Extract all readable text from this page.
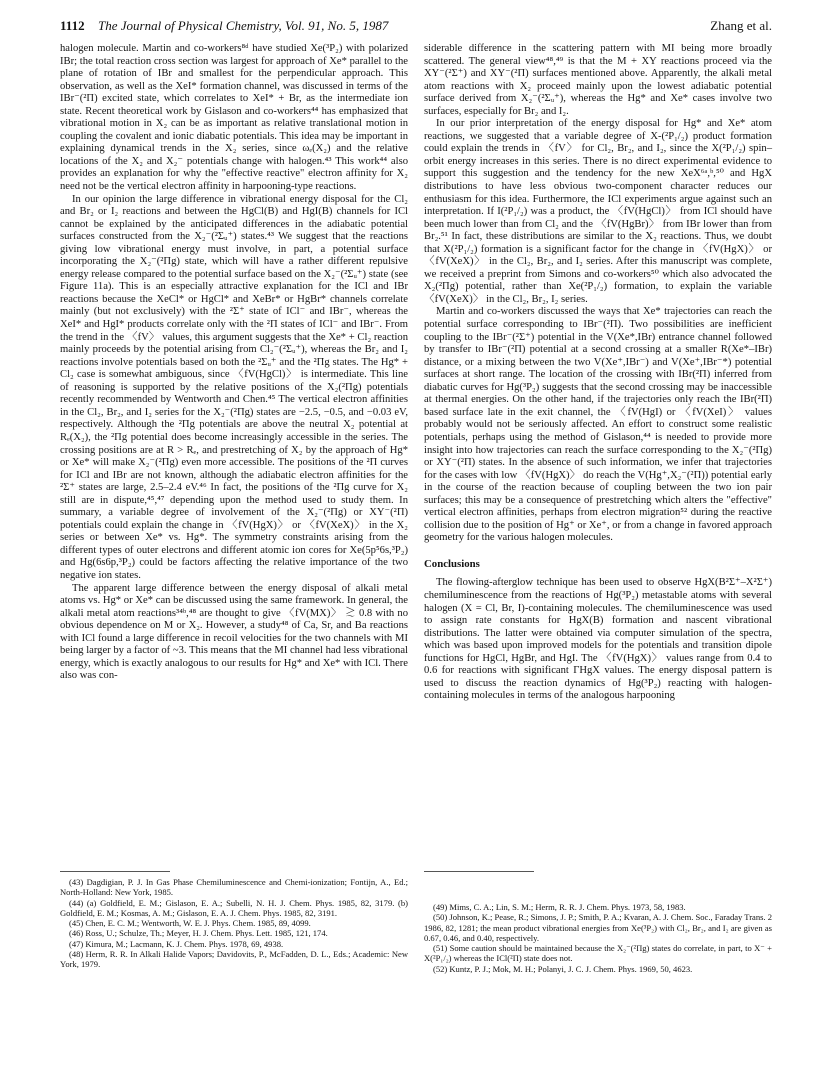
1112 The Journal of Physical Chemistry, Vol. 91, No. 5, 1987	Zhang et al.

halogen molecule. Martin and co-workers⁸ᵈ have studied Xe(³P₂) with polarized IBr; the total reaction cross section was largest for approach of Xe* parallel to the plane of rotation of IBr and smallest for the perpendicular approach. This observation, as well as the XeI* formation channel, was discussed in terms of the IBr⁻(²Π) excited state, which correlates to XeI* + Br, as the intermediate ion state. Recent theoretical work by Gislason and co-workers⁴⁴ has emphasized that vibrational motion in X₂ can be as important as relative translational motion in coupling the covalent and ionic diabatic potentials. This idea may be important in explaining dynamical trends in the X₂ series, since ωₑ(X₂) and the relative locations of the X₂ and X₂⁻ potentials change with halogen.⁴³ This work⁴⁴ also provides an explanation for why the "effective reactive" electron affinity for X₂ need not be the vertical electron affinity in harpooning-type reactions.

In our opinion the large difference in vibrational energy disposal for the Cl₂ and Br₂ or I₂ reactions and between the HgCl(B) and HgI(B) channels for ICl cannot be explained by the anticipated differences in the adiabatic potential surfaces constructed from the X₂⁻(²Σᵤ⁺) states.⁴³ We suggest that the reactions giving low vibrational energy must involve, in part, a potential surface incorporating the X₂⁻(²Πg) state, which will have a rather different repulsive energy release compared to the potential surface based on the X₂⁻(²Σᵤ⁺) state (see Figure 11a). This is an especially attractive explanation for the ICl and IBr reactions because the XeCl* or HgCl* and XeBr* or HgBr* channels correlate mainly (but not exclusively) with the ²Σ⁺ state of ICl⁻ and IBr⁻, whereas the XeI* and HgI* products correlate only with the ²Π states of ICl⁻ and IBr⁻. From the trend in the 〈fV〉 values, this argument suggests that the Xe* + Cl₂ reaction mainly proceeds by the potential arising from Cl₂⁻(²Σᵤ⁺), whereas the Br₂ and I₂ reactions involve potentials based on both the ²Σᵤ⁺ and the ²Πg states. The Hg* + Cl₂ case is somewhat ambiguous, since 〈fV(HgCl)〉 is intermediate. This line of reasoning is supported by the relative positions of the X₂(²Πg) potentials recently recommended by Wentworth and Chen.⁴⁵ The vertical electron affinities in the Cl₂, Br₂, and I₂ series for the X₂⁻(²Πg) states are −2.5, −0.5, and −0.03 eV, respectively. Although the ²Πg potentials are above the neutral X₂ potential at Rₑ(X₂), the ²Πg potential does become increasingly accessible in the series. The crossing positions are at R > Rₑ, and prestretching of X₂ by the approach of Hg* or Xe* will make X₂⁻(²Πg) even more accessible. The positions of the ²Π curves for ICl and IBr are not known, although the adiabatic electron affinities for the ²Σ⁺ states are large, 2.5–2.4 eV.⁴⁶ In fact, the positions of the ²Πg curve for X₂ still are in dispute,⁴⁵,⁴⁷ depending upon the method used to study them. In summary, a variable degree of involvement of the X₂⁻(²Πg) or XY⁻(²Π) potentials could explain the change in 〈fV(HgX)〉 or 〈fV(XeX)〉 in the X₂ series or between Xe* vs. Hg*. The symmetry constraints arising from the different types of outer electrons and different atomic ion cores for Xe(5p⁵6s,³P₂) and Hg(6s6p,³P₂) could be factors affecting the relative importance of the two negative ion states.

The apparent large difference between the energy disposal of alkali metal atoms vs. Hg* or Xe* can be discussed using the same framework. In general, the alkali metal atom reactions³⁴ᵇ,⁴⁸ are thought to give 〈fV(MX)〉 ≳ 0.8 with no obvious dependence on M or X₂. However, a study⁴⁸ of Ca, Sr, and Ba reactions with ICl found a large difference in recoil velocities for the two channels with MI being larger by a factor of ~3. This means that the MI channel had less vibrational energy, which is exactly analogous to our results for Hg* and Xe* with ICl. There also was con-

siderable difference in the scattering pattern with MI being more broadly scattered. The general view⁴⁸,⁴⁹ is that the M + XY reactions proceed via the XY⁻(²Σ⁺) and XY⁻(²Π) surfaces mentioned above. Apparently, the alkali metal atom reactions with X₂ proceed mainly upon the lowest adiabatic potential surface derived from X₂⁻(²Σᵤ⁺), whereas the Hg* and Xe* cases involve two surfaces, especially for Br₂ and I₂.

In our prior interpretation of the energy disposal for Hg* and Xe* atom reactions, we suggested that a variable degree of X-(²P₁/₂) product formation could explain the trends in 〈fV〉 for Cl₂, Br₂, and I₂, since the X(²P₁/₂) spin–orbit energy increases in this series. There is no direct experimental evidence to support this suggestion and the tendency for the new XeX⁶ᵃ,ᵇ,⁵⁰ and HgX distributions to have less obvious two-component character reduces our enthusiasm for this idea. Furthermore, the ICl experiments argue against such an interpretation. If I(²P₁/₂) was a product, the 〈fV(HgCl)〉 from ICl should have been much lower than from Cl₂ and the 〈fV(HgBr)〉 from IBr lower than from Br₂.⁵¹ In fact, these distributions are similar to the X₂ reactions. Thus, we doubt that X(²P₁/₂) formation is a significant factor for the change in 〈fV(HgX)〉 or 〈fV(XeX)〉 in the Cl₂, Br₂, and I₂ series. After this manuscript was complete, we received a preprint from Simons and co-workers⁵⁰ which also advocated the X₂(²Πg) potential, rather than Xe(²P₁/₂) formation, to explain the variable 〈fV(XeX)〉 in the Cl₂, Br₂, I₂ series.

Martin and co-workers discussed the ways that Xe* trajectories can reach the potential surface corresponding to IBr⁻(²Π). Two possibilities are inefficient coupling to the IBr⁻(²Σ⁺) potential in the V(Xe*,IBr) entrance channel followed by transfer to IBr⁻(²Π) potential at a second crossing at a smaller R(Xe*–IBr) distance, or a mixing between the two V(Xe⁺,IBr⁻) and V(Xe⁺,IBr⁻*) potential surfaces at short range. The location of the crossing with IBr(²Π) inferred from diabatic curves for Hg(³P₂) suggests that the second crossing may be inaccessible at thermal energies. On the other hand, if the trajectories only reach the IBr(²Π) based surface late in the exit channel, the 〈fV(HgI) or 〈fV(XeI)〉 values probably would not be seriously affected. An effort to construct some realistic potentials, perhaps using the method of Gislason,⁴⁴ is needed to provide more insight into how trajectories can reach the surface corresponding to the X₂⁻(²Πg) or XY⁻(²Π) states. In the absence of such information, we infer that trajectories for the cases with low 〈fV(HgX)〉 do reach the V(Hg⁺,X₂⁻(²Π)) potential early in the course of the reaction because of coupling between the two ion pair surfaces; this may be a consequence of prestretching which alters the "effective" vertical electron affinities, perhaps from electron migration⁵² during the reactive collision due to the position of Hg⁺ or Xe⁺, or from a change in favored approach geometry for the various halogen molecules.

Conclusions

The flowing-afterglow technique has been used to observe HgX(B²Σ⁺–X²Σ⁺) chemiluminescence from the reactions of Hg(³P₂) metastable atoms with several halogen (X = Cl, Br, I)-containing molecules. The chemiluminescence was used to assign rate constants for HgX(B) formation and nascent vibrational distributions. The latter were obtained via computer simulation of the spectra, which was based upon improved models for the potentials and transition dipole functions for HgCl, HgBr, and HgI. The 〈fV(HgX)〉 values range from 0.4 to 0.6 for reactions with significant ΓHgX values. The energy disposal pattern is used to discuss the reaction dynamics of Hg(³P₂) reacting with halogen-containing molecules in terms of the analogous harpooning

(43) Dagdigian, P. J. In Gas Phase Chemiluminescence and Chemi-ionization; Fontijn, A., Ed.; North-Holland: New York, 1985.

(44) (a) Goldfield, E. M.; Gislason, E. A.; Subelli, N. H. J. Chem. Phys. 1985, 82, 3179. (b) Goldfield, E. M.; Kosmas, A. M.; Gislason, E. A. J. Chem. Phys. 1985, 82, 3191.

(45) Chen, E. C. M.; Wentworth, W. E. J. Phys. Chem. 1985, 89, 4099.

(46) Ross, U.; Schulze, Th.; Meyer, H. J. Chem. Phys. Lett. 1985, 121, 174.

(47) Kimura, M.; Lacmann, K. J. Chem. Phys. 1978, 69, 4938.

(48) Herm, R. R. In Alkali Halide Vapors; Davidovits, P., McFadden, D. L., Eds.; Academic: New York, 1979.

(49) Mims, C. A.; Lin, S. M.; Herm, R. R. J. Chem. Phys. 1973, 58, 1983.

(50) Johnson, K.; Pease, R.; Simons, J. P.; Smith, P. A.; Kvaran, A. J. Chem. Soc., Faraday Trans. 2 1986, 82, 1281; the mean product vibrational energies from Xe(³P₂) with Cl₂, Br₂, and I₂ are given as 0.67, 0.46, and 0.40, respectively.

(51) Some caution should be maintained because the X₂⁻(²Πg) states do correlate, in part, to X⁻ + X(²P₁/₂) whereas the ICl(²Π) state does not.

(52) Kuntz, P. J.; Mok, M. H.; Polanyi, J. C. J. Chem. Phys. 1969, 50, 4623.
